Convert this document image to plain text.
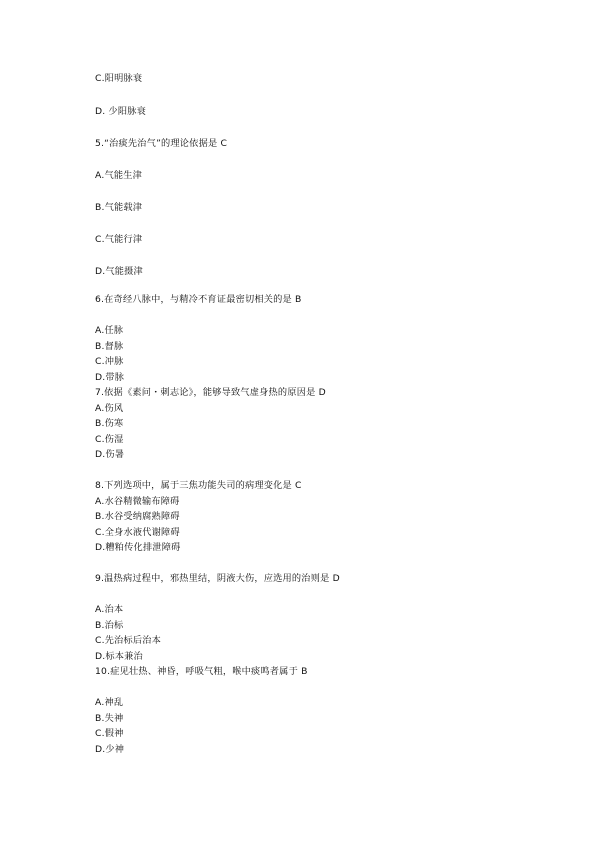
C.阳明脉衰
D. 少阳脉衰
5.“治痰先治气”的理论依据是 C
A.气能生津
B.气能载津
C.气能行津
D.气能摄津
6.在奇经八脉中，与精冷不育证最密切相关的是 B
A.任脉
B.督脉
C.冲脉
D.带脉
7.依据《素问・刺志论》，能够导致气虚身热的原因是 D
A.伤风
B.伤寒
C.伤湿
D.伤暑
8.下列选项中，属于三焦功能失司的病理变化是 C
A.水谷精微输布障碍
B.水谷受纳腐熟障碍
C.全身水液代谢障碍
D.糟粕传化排泄障碍
9.温热病过程中，邪热里结，阴液大伤，应选用的治则是 D
A.治本
B.治标
C.先治标后治本
D.标本兼治
10.症见壮热、神昏，呼吸气粗，喉中痰鸣者属于 B
A.神乱
B.失神
C.假神
D.少神
